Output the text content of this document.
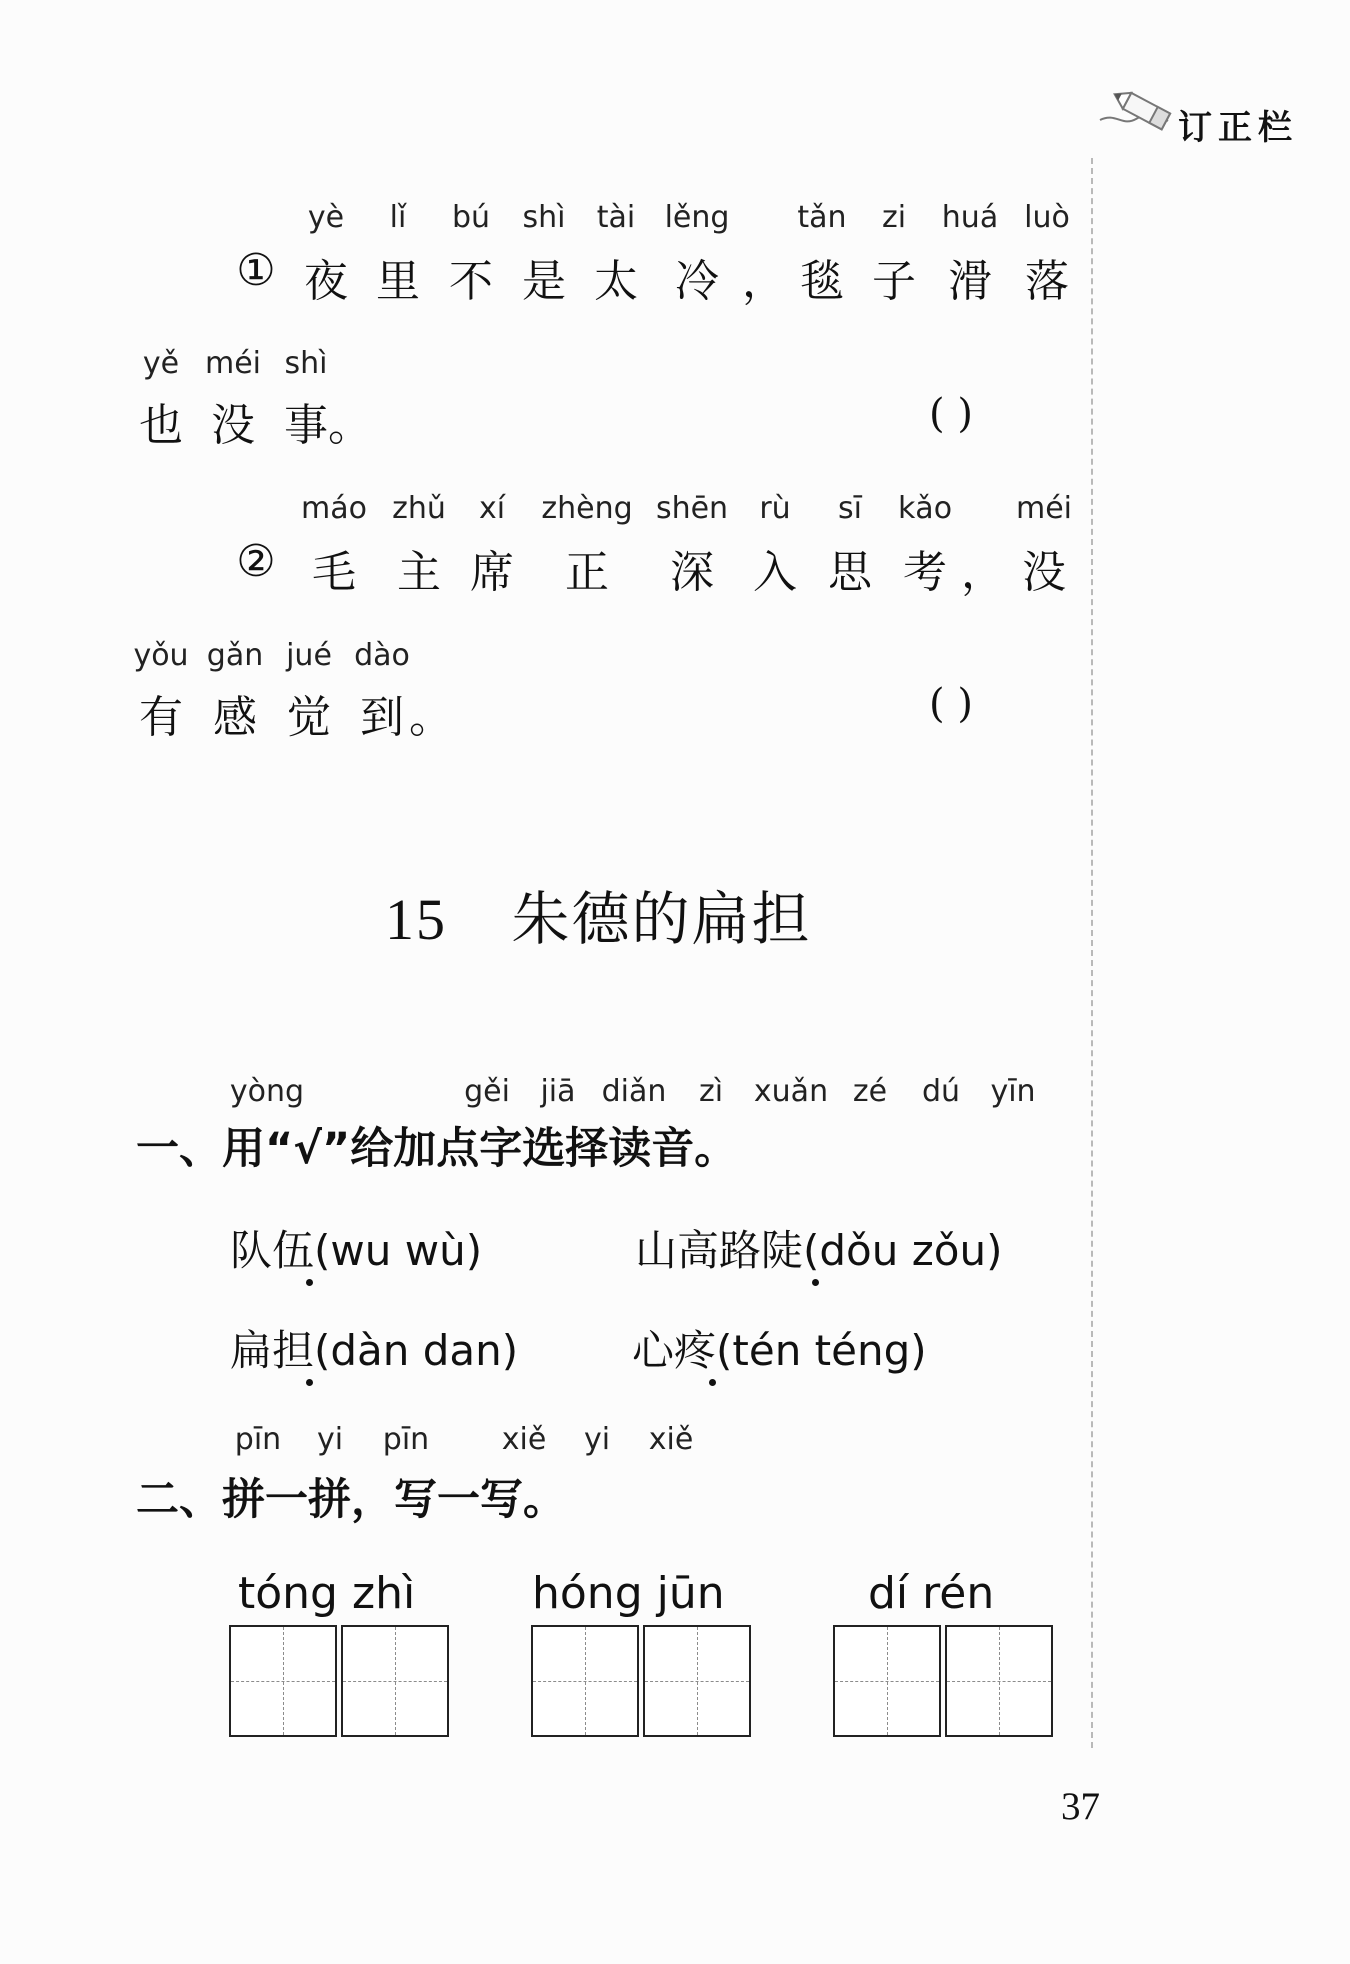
订正栏
yè lǐ bú shì tài lěng tǎn zi huá luò
① 夜 里 不 是 太 冷 ， 毯 子 滑 落
yě méi shì
也 没 事 。	( )
máo zhǔ xí zhèng shēn rù sī kǎo méi
② 毛 主 席 正 深 入 思 考 ， 没
yǒu gǎn jué dào
有 感 觉 到 。	( )
15 朱德的扁担
yòng	gěi jiā diǎn zì xuǎn zé dú yīn
一、用“√”给加点字选择读音。
队伍(wu wù)	山高路陡(dǒu zǒu)
扁担(dàn dan)	心疼(tén téng)
pīn yi pīn xiě yi xiě
二、拼一拼，写一写。
tóng zhì	hóng jūn	dí rén
37
